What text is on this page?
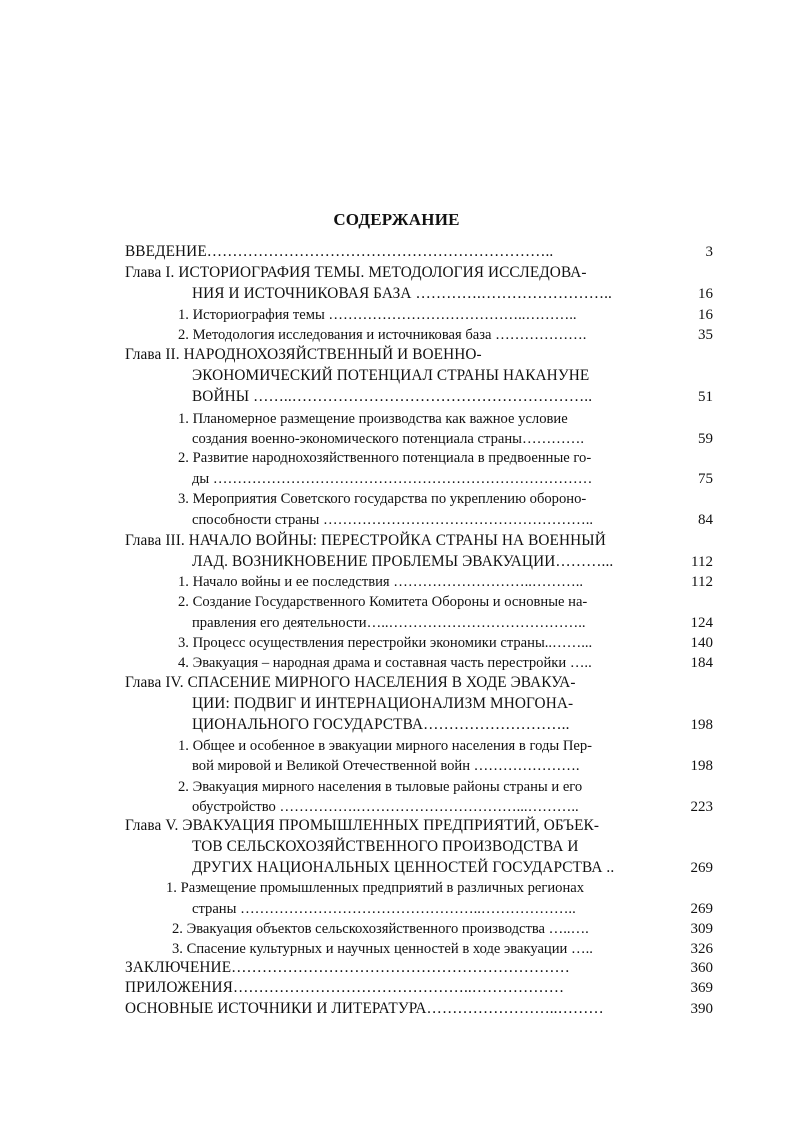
СОДЕРЖАНИЕ
ВВЕДЕНИЕ…………………………………………………………..	3
Глава I. ИСТОРИОГРАФИЯ ТЕМЫ. МЕТОДОЛОГИЯ ИССЛЕДОВА-
НИЯ И ИСТОЧНИКОВАЯ БАЗА ………….……………………..	16
1. Историография темы …………………………………..………..	16
2. Методология исследования и источниковая база ……………….	35
Глава II. НАРОДНОХОЗЯЙСТВЕННЫЙ И ВОЕННО-
ЭКОНОМИЧЕСКИЙ ПОТЕНЦИАЛ СТРАНЫ НАКАНУНЕ
ВОЙНЫ ……..…………………………………………………..	51
1. Планомерное размещение производства как важное условие
создания военно-экономического потенциала страны………….	59
2. Развитие народнохозяйственного потенциала в предвоенные го-
ды ……………………………………………………………………	75
3. Мероприятия Советского государства по укреплению обороно-
способности страны ………………………………………………..	84
Глава III. НАЧАЛО ВОЙНЫ: ПЕРЕСТРОЙКА СТРАНЫ НА ВОЕННЫЙ
ЛАД. ВОЗНИКНОВЕНИЕ ПРОБЛЕМЫ ЭВАКУАЦИИ………...	112
1. Начало войны и ее последствия ………………………..………..	112
2. Создание Государственного Комитета Обороны и основные на-
правления его деятельности…..…………………………………..	124
3. Процесс осуществления перестройки экономики страны..……...	140
4. Эвакуация – народная драма и составная часть перестройки …..	184
Глава IV. СПАСЕНИЕ МИРНОГО НАСЕЛЕНИЯ В ХОДЕ ЭВАКУА-
ЦИИ: ПОДВИГ И ИНТЕРНАЦИОНАЛИЗМ МНОГОНА-
ЦИОНАЛЬНОГО ГОСУДАРСТВА………………………..	198
1. Общее и особенное в эвакуации мирного населения в годы Пер-
вой мировой и Великой Отечественной войн ………………….	198
2. Эвакуация мирного населения в тыловые районы страны и его
обустройство …………….……………………………...………..	223
Глава V. ЭВАКУАЦИЯ ПРОМЫШЛЕННЫХ ПРЕДПРИЯТИЙ, ОБЪЕК-
ТОВ СЕЛЬСКОХОЗЯЙСТВЕННОГО ПРОИЗВОДСТВА И
ДРУГИХ НАЦИОНАЛЬНЫХ ЦЕННОСТЕЙ ГОСУДАРСТВА ..	269
1. Размещение промышленных предприятий в различных регионах
страны …………………………………………..………………..	269
2. Эвакуация объектов сельскохозяйственного производства …..….	309
3. Спасение культурных и научных ценностей в ходе эвакуации …..	326
ЗАКЛЮЧЕНИЕ…………………………………………………………	360
ПРИЛОЖЕНИЯ………………………………………..………………	369
ОСНОВНЫЕ ИСТОЧНИКИ И ЛИТЕРАТУРА……………………..………	390
